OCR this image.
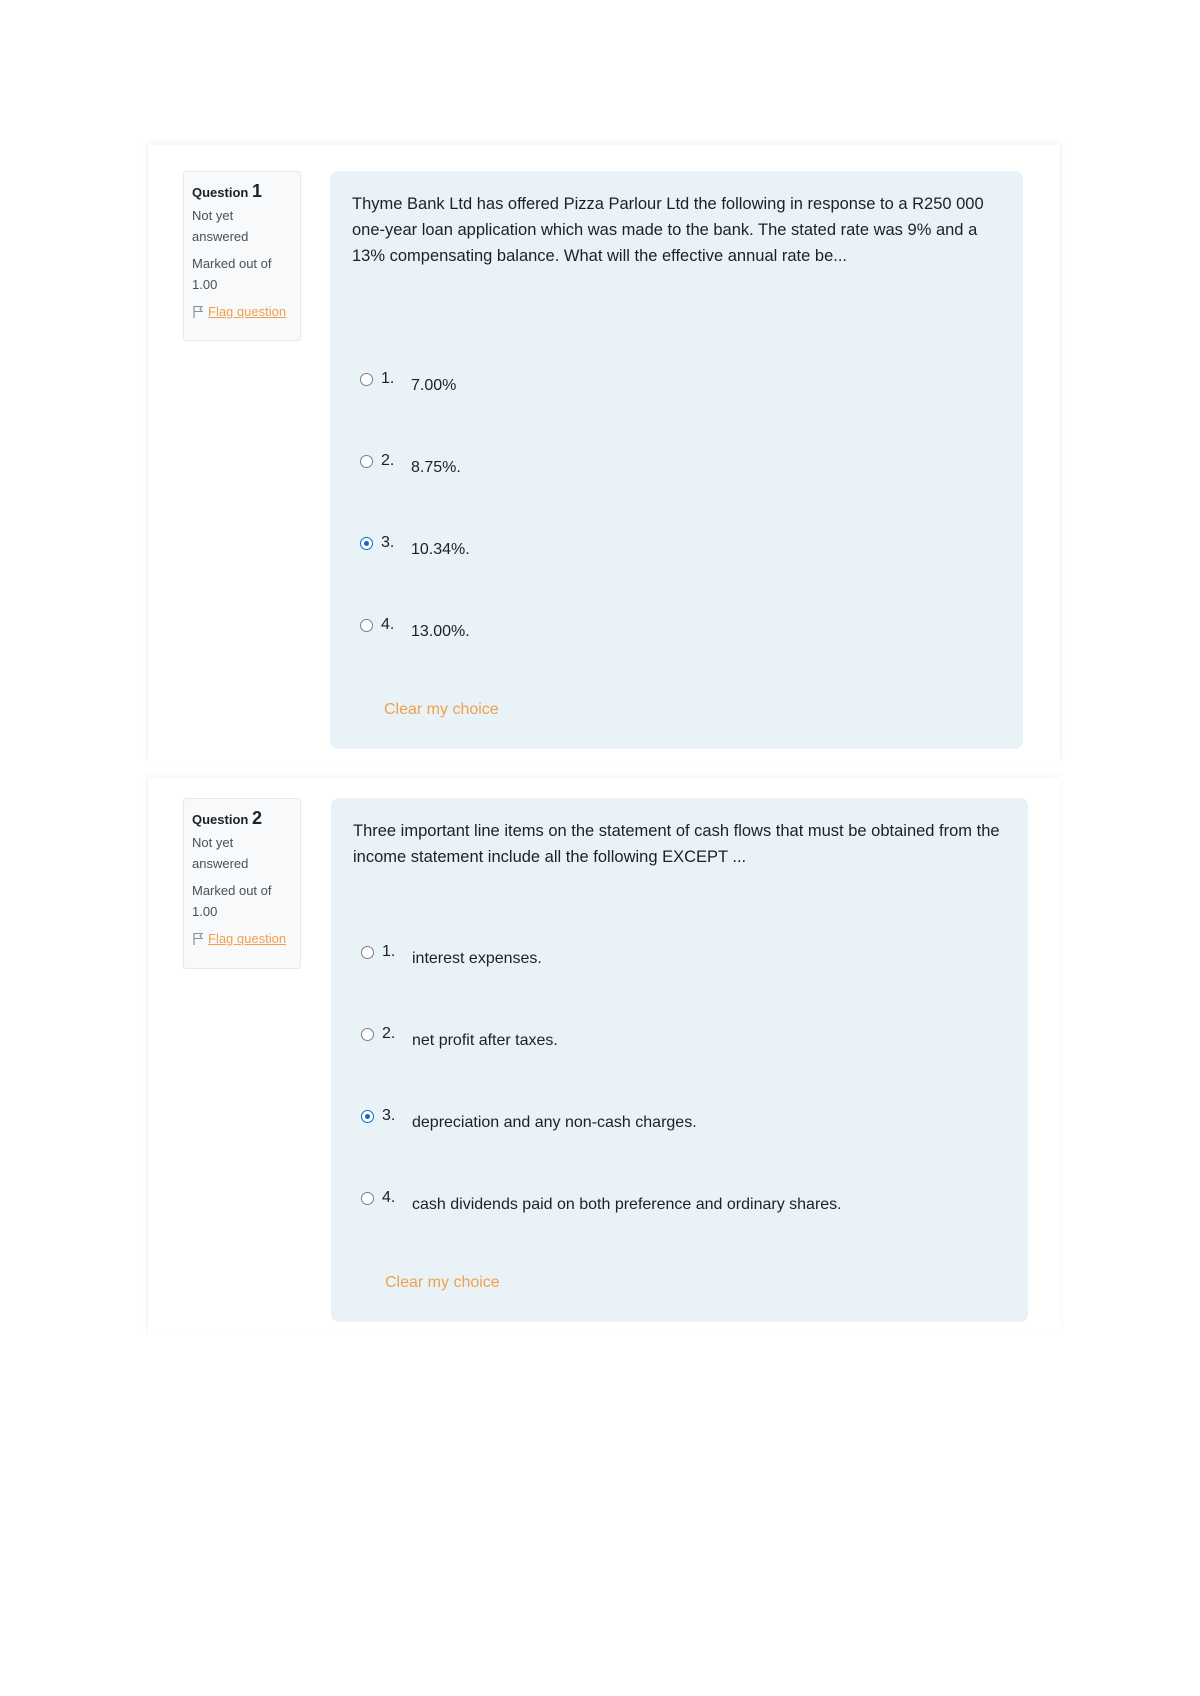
Question 1
Not yet answered
Marked out of 1.00
Flag question
Thyme Bank Ltd has offered Pizza Parlour Ltd the following in response to a R250 000 one-year loan application which was made to the bank. The stated rate was 9% and a 13% compensating balance. What will the effective annual rate be...
1.	7.00%
2.	8.75%.
3.	10.34%.
4.	13.00%.
Clear my choice
Question 2
Not yet answered
Marked out of 1.00
Flag question
Three important line items on the statement of cash flows that must be obtained from the income statement include all the following EXCEPT ...
1.	interest expenses.
2.	net profit after taxes.
3.	depreciation and any non-cash charges.
4.	cash dividends paid on both preference and ordinary shares.
Clear my choice
